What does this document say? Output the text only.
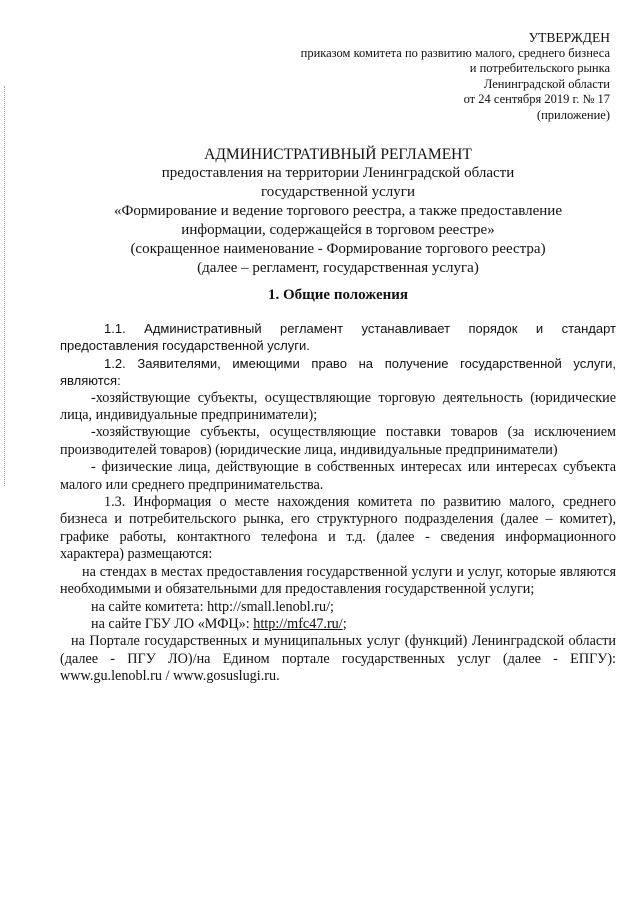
УТВЕРЖДЕН
приказом комитета по развитию малого, среднего бизнеса
и потребительского рынка
Ленинградской области
от 24 сентября 2019 г. № 17
(приложение)
АДМИНИСТРАТИВНЫЙ РЕГЛАМЕНТ
предоставления на территории Ленинградской области
государственной услуги
«Формирование и ведение торгового реестра, а также предоставление
информации, содержащейся в торговом реестре»
(сокращенное наименование - Формирование торгового реестра)
(далее – регламент, государственная услуга)
1. Общие положения

1.1. Административный регламент устанавливает порядок и стандарт предоставления государственной услуги.

1.2. Заявителями, имеющими право на получение государственной услуги, являются:

-хозяйствующие субъекты, осуществляющие торговую деятельность (юридические лица, индивидуальные предприниматели);

-хозяйствующие субъекты, осуществляющие поставки товаров (за исключением производителей товаров) (юридические лица, индивидуальные предприниматели)

- физические лица, действующие в собственных интересах или интересах субъекта малого или среднего предпринимательства.

1.3. Информация о месте нахождения комитета по развитию малого, среднего бизнеса и потребительского рынка, его структурного подразделения (далее – комитет), графике работы, контактного телефона и т.д. (далее - сведения информационного характера) размещаются:

на стендах в местах предоставления государственной услуги и услуг, которые являются необходимыми и обязательными для предоставления государственной услуги;

на сайте комитета: http://small.lenobl.ru/;

на сайте ГБУ ЛО «МФЦ»: http://mfc47.ru/;

на Портале государственных и муниципальных услуг (функций) Ленинградской области (далее - ПГУ ЛО)/на Едином портале государственных услуг (далее - ЕПГУ): www.gu.lenobl.ru / www.gosuslugi.ru.
